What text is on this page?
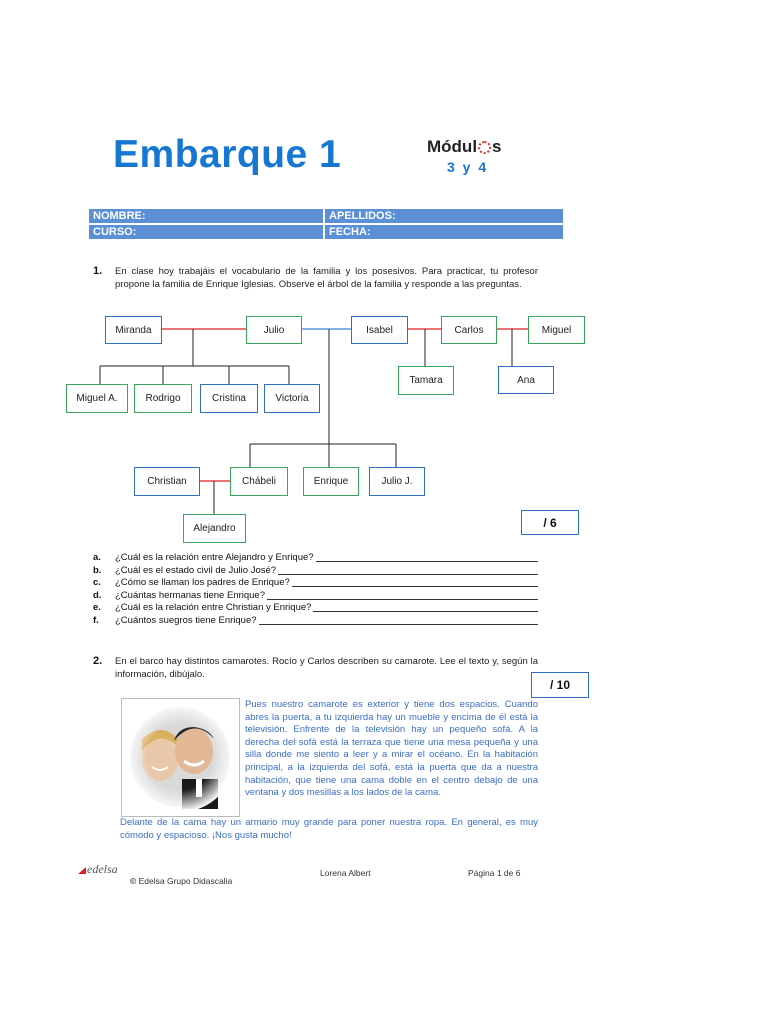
Embarque 1	Módul s
3 y 4
NOMBRE:	APELLIDOS:
CURSO:	FECHA:
1. En clase hoy trabajáis el vocabulario de la familia y los posesivos. Para practicar, tu profesor propone la familia de Enrique Iglesias. Observe el árbol de la familia y responde a las preguntas.
Miranda	Julio	Isabel	Carlos	Miguel
Tamara	Ana
Miguel A.	Rodrigo	Cristina	Victoria
Christian	Chábeli	Enrique	Julio J.
Alejandro	/ 6
a.	¿Cuál es la relación entre Alejandro y Enrique?
b.	¿Cuál es el estado civil de Julio José?
c.	¿Cómo se llaman los padres de Enrique?
d.	¿Cuántas hermanas tiene Enrique?
e.	¿Cuál es la relación entre Christian y Enrique?
f.	¿Cuántos suegros tiene Enrique?
2. En el barco hay distintos camarotes. Rocío y Carlos describen su camarote. Lee el texto y, según la información, dibújalo.
/ 10
Pues nuestro camarote es exterior y tiene dos espacios. Cuando abres la puerta, a tu izquierda hay un mueble y encima de él está la televisión. Enfrente de la televisión hay un pequeño sofá. A la derecha del sofá está la terraza que tiene una mesa pequeña y una silla donde me siento a leer y a mirar el océano. En la habitación principal, a la izquierda del sofá, está la puerta que da a nuestra habitación, que tiene una cama doble en el centro debajo de una ventana y dos mesillas a los lados de la cama.
Delante de la cama hay un armario muy grande para poner nuestra ropa. En general, es muy cómodo y espacioso. ¡Nos gusta mucho!
edelsa
© Edelsa Grupo Didascalia
Lorena Albert	Página 1 de 6
